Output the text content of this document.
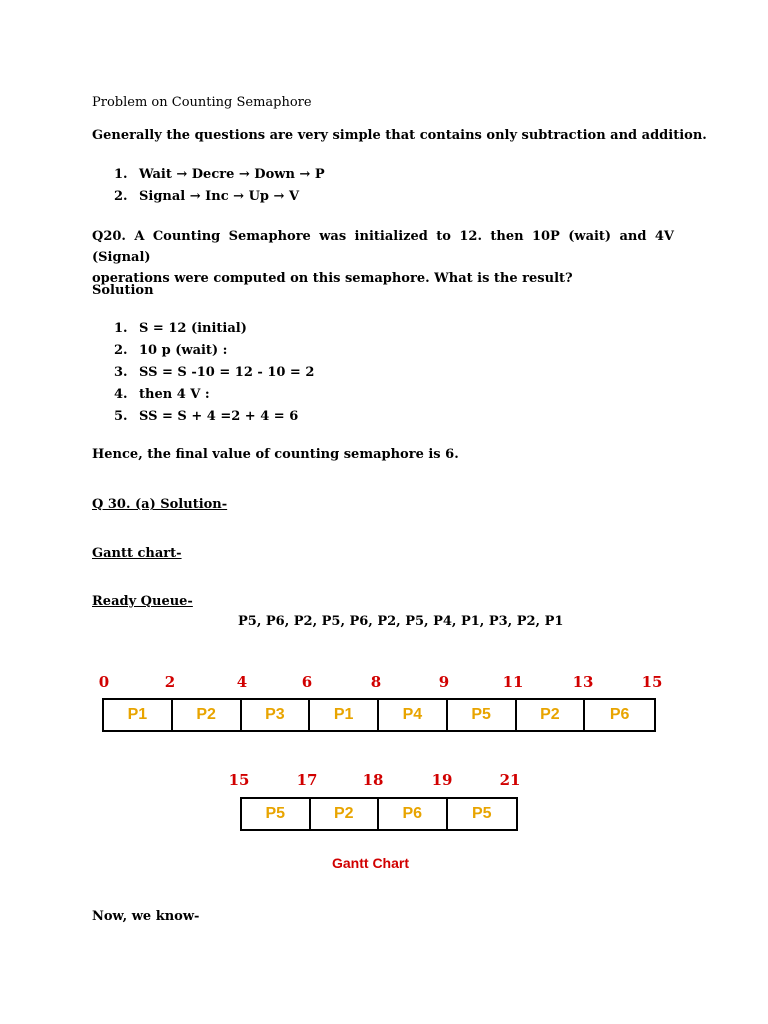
Problem on Counting Semaphore
Generally the questions are very simple that contains only subtraction and addition.
1. Wait → Decre → Down → P
2. Signal → Inc → Up → V
Q20. A Counting Semaphore was initialized to 12. then 10P (wait) and 4V (Signal)
operations were computed on this semaphore. What is the result?
Solution
1. S = 12 (initial)
2. 10 p (wait) :
3. SS = S -10 = 12 - 10 = 2
4. then 4 V :
5. SS = S + 4 =2 + 4 = 6
Hence, the final value of counting semaphore is 6.
Q 30. (a) Solution-
Gantt chart-
Ready Queue-
P5, P6, P2, P5, P6, P2, P5, P4, P1, P3, P2, P1
0	2	4	6	8	9	11	13	15
P1	P2	P3	P1	P4	P5	P2	P6
15	17	18	19	21
P5	P2	P6	P5
Gantt Chart
Now, we know-
